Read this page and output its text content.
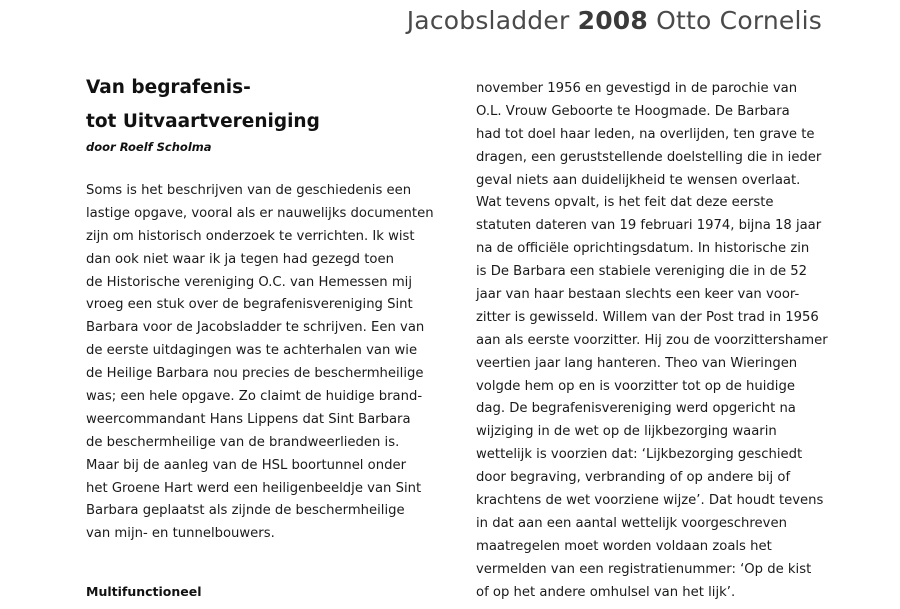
Jacobsladder 2008 Otto Cornelis
Van begrafenis-
tot Uitvaartvereniging
door Roelf Scholma
Soms is het beschrijven van de geschiedenis een
lastige opgave, vooral als er nauwelijks documenten
zijn om historisch onderzoek te verrichten. Ik wist
dan ook niet waar ik ja tegen had gezegd toen
de Historische vereniging O.C. van Hemessen mij
vroeg een stuk over de begrafenisvereniging Sint
Barbara voor de Jacobsladder te schrijven. Een van
de eerste uitdagingen was te achterhalen van wie
de Heilige Barbara nou precies de beschermheilige
was; een hele opgave. Zo claimt de huidige brand-
weercommandant Hans Lippens dat Sint Barbara
de beschermheilige van de brandweerlieden is.
Maar bij de aanleg van de HSL boortunnel onder
het Groene Hart werd een heiligenbeeldje van Sint
Barbara geplaatst als zijnde de beschermheilige
van mijn- en tunnelbouwers.
Multifunctioneel
november 1956 en gevestigd in de parochie van
O.L. Vrouw Geboorte te Hoogmade. De Barbara
had tot doel haar leden, na overlijden, ten grave te
dragen, een geruststellende doelstelling die in ieder
geval niets aan duidelijkheid te wensen overlaat.
Wat tevens opvalt, is het feit dat deze eerste
statuten dateren van 19 februari 1974, bijna 18 jaar
na de officiële oprichtingsdatum. In historische zin
is De Barbara een stabiele vereniging die in de 52
jaar van haar bestaan slechts een keer van voor-
zitter is gewisseld. Willem van der Post trad in 1956
aan als eerste voorzitter. Hij zou de voorzittershamer
veertien jaar lang hanteren. Theo van Wieringen
volgde hem op en is voorzitter tot op de huidige
dag. De begrafenisvereniging werd opgericht na
wijziging in de wet op de lijkbezorging waarin
wettelijk is voorzien dat: ‘Lijkbezorging geschiedt
door begraving, verbranding of op andere bij of
krachtens de wet voorziene wijze’. Dat houdt tevens
in dat aan een aantal wettelijk voorgeschreven
maatregelen moet worden voldaan zoals het
vermelden van een registratienummer: ‘Op de kist
of op het andere omhulsel van het lijk’.
